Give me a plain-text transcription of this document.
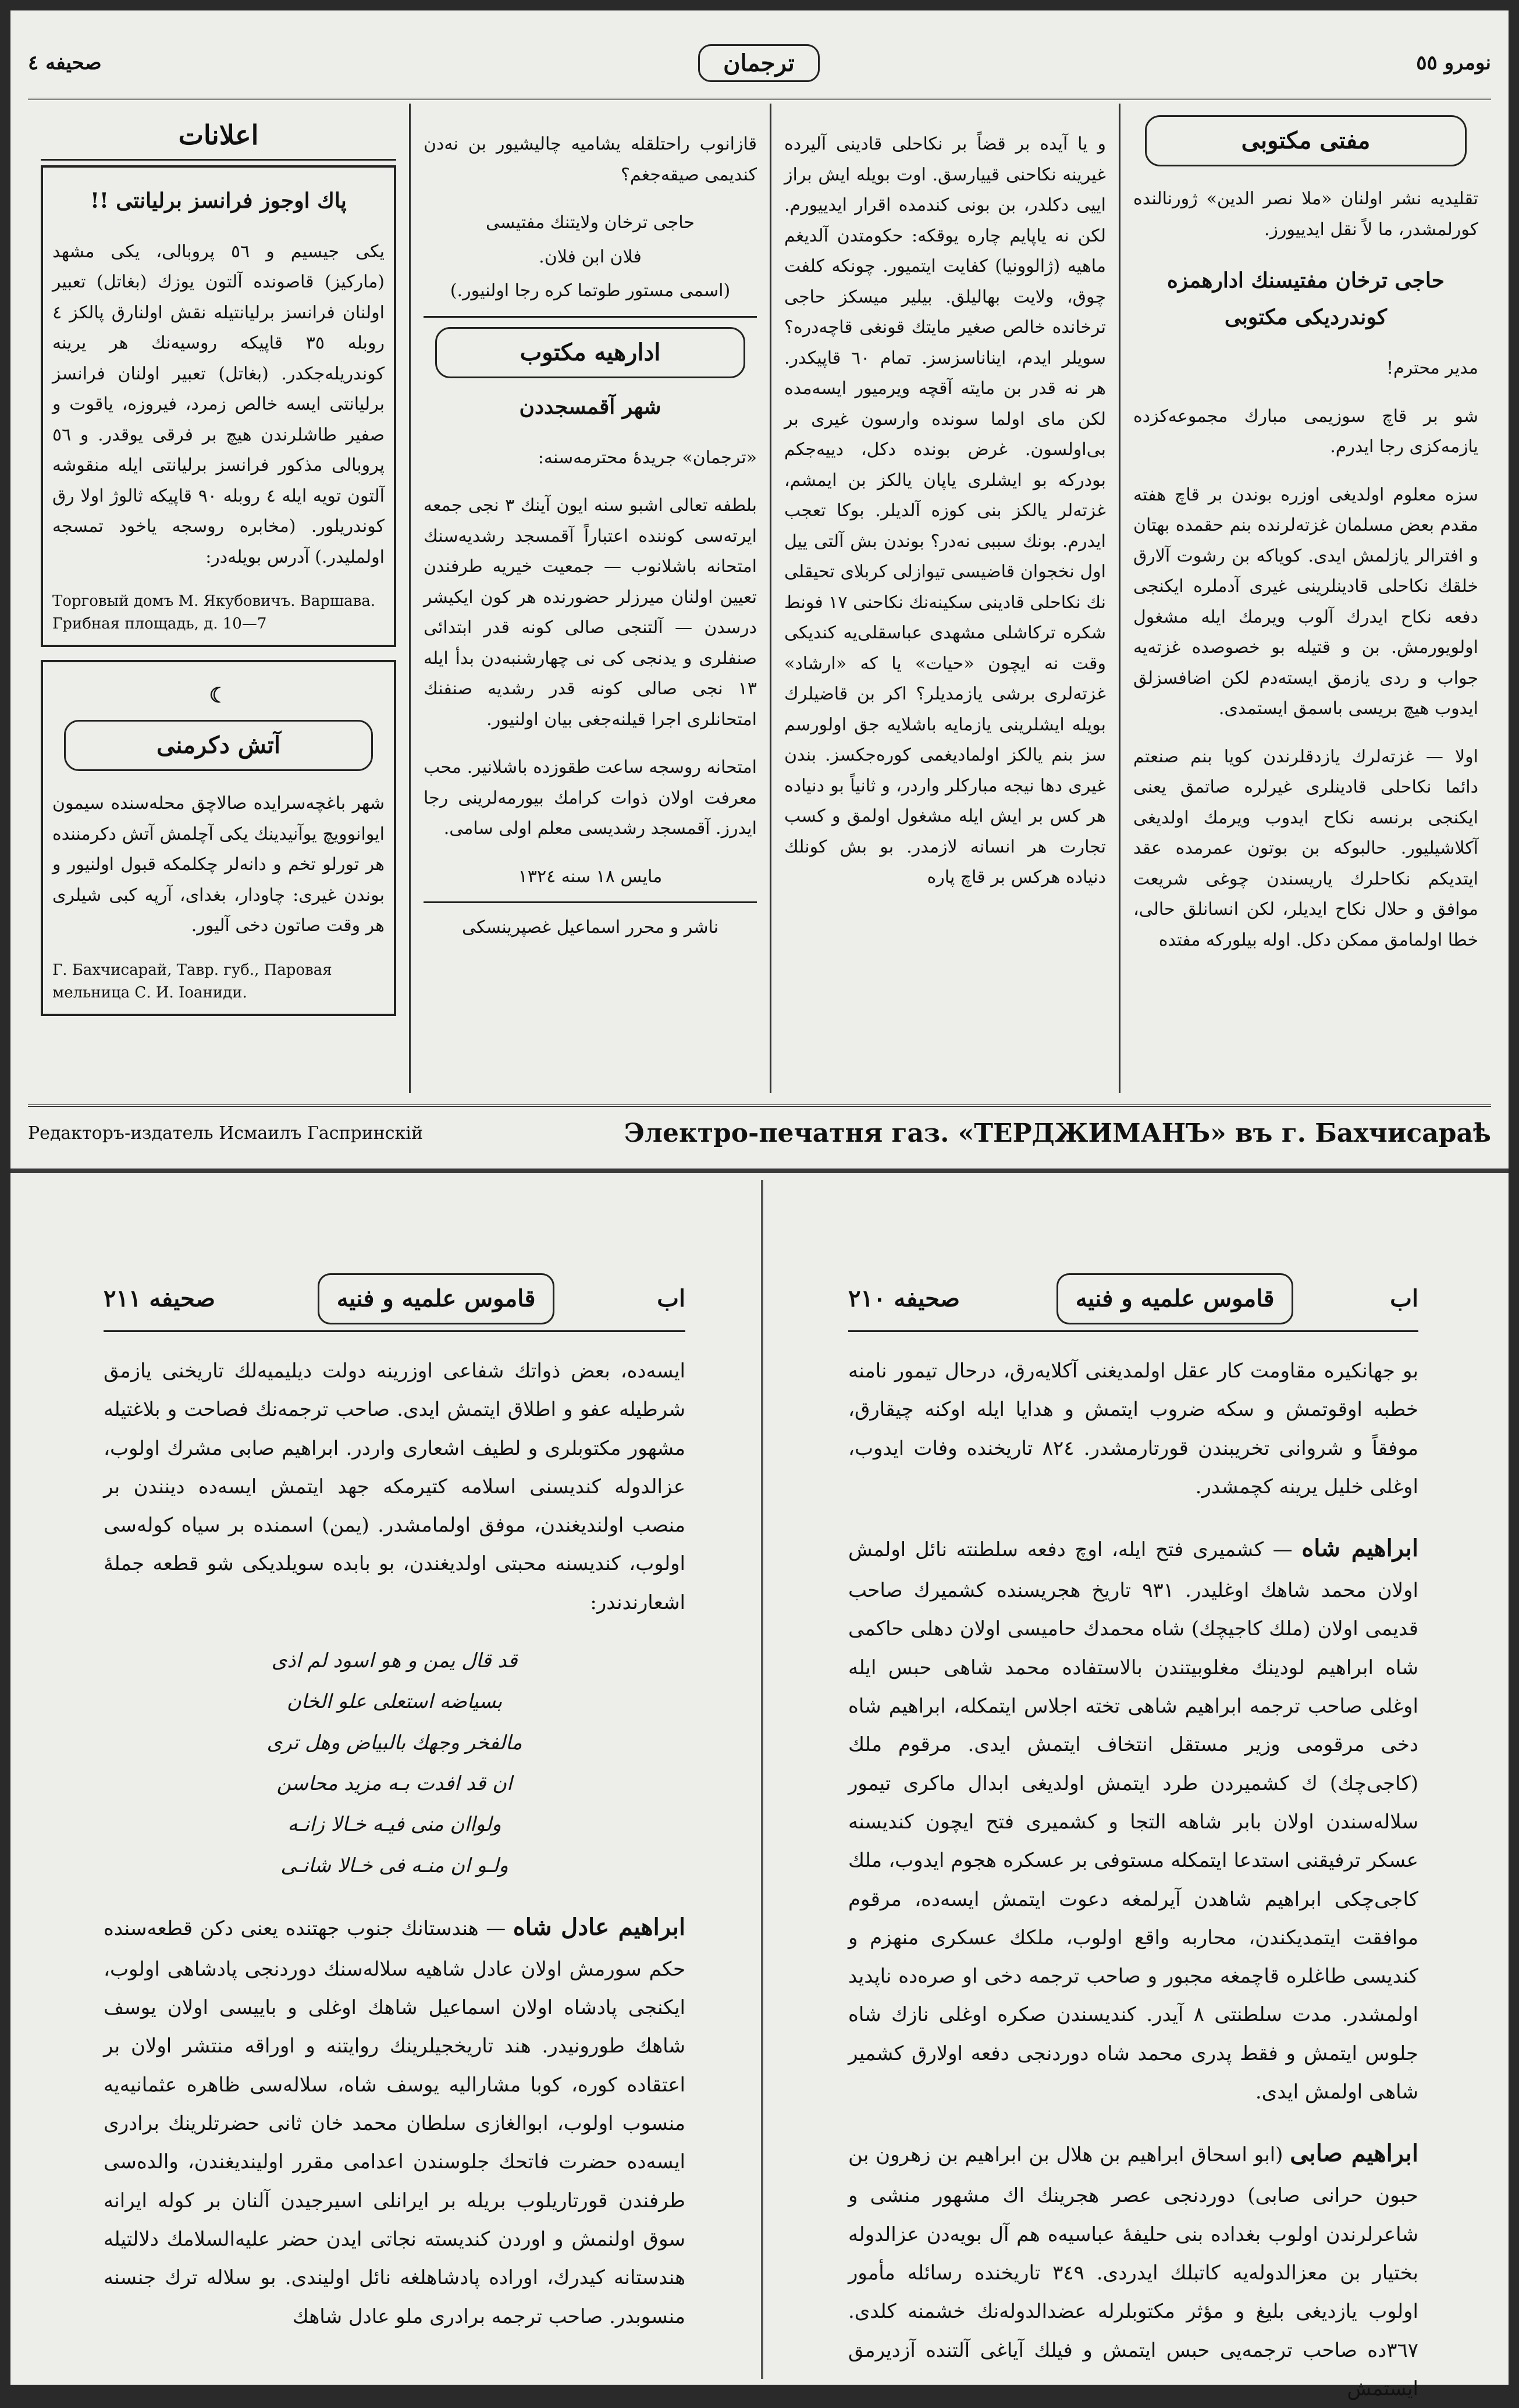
نومرو ٥٥
ترجمان
صحیفه ٤
مفتی مکتوبی

تقلیدیه نشر اولنان «ملا نصر الدین» ژورنالنده کورلمشدر، ما لاً نقل ایدییورز.

حاجی ترخان مفتیسنك ادارهمزه كوندرديكى مكتوبى

مدیر محترم!

شو بر قاچ سوزیمی مبارك مجموعه‌كزده یازمه‌كزی رجا ایدرم.

سزه معلوم اولدیغی اوزره بوندن بر قاچ هفته مقدم بعض مسلمان غزته‌لرنده بنم حقمده بهتان و افترالر یازلمش ایدی. کویاکه بن رشوت آلارق خلقك نکاحلی قادینلرینی غیری آدملره ایکنجی دفعه نکاح ایدرك آلوب ویرمك ایله مشغول اولویورمش. بن و قتیله بو خصوصده غزته‌یه جواب و ردی یازمق ایسته‌دم لکن اضافسزلق ایدوب هیچ بریسی باسمق ایستمدی.

اولا — غزته‌لرك یازدقلرندن کویا بنم صنعتم دائما نکاحلی قادینلری غیرلره صاتمق یعنی ایکنجی برنسه نکاح ایدوب ویرمك اولدیغی آکلاشیلیور. حالبوکه بن بوتون عمرمده عقد ایتدیکم نکاحلرك یاریسندن چوغی شریعت موافق و حلال نکاح ایدیلر، لکن انسانلق حالی، خطا اولمامق ممکن دکل. اوله بیلورکه مفتده

و یا آیده بر قضاً بر نکاحلی قادینی آلیرده غیرینه نکاحنی قییارسق. اوت بویله ایش براز اییی دکلدر، بن بونی کندمده اقرار ایدییورم. لکن نه یاپایم چاره یوقکه: حکومتدن آلدیغم ماهیه (ژالوونیا) کفایت ایتمیور. چونکه کلفت چوق، ولایت بهالیلق. بیلیر میسکز حاجی ترخانده خالص صغیر مایتك قونغی قاچه‌دره؟ سویلر ایدم، ایناناسزسز. تمام ٦٠ قاپیکدر. هر نه قدر بن مایته آقچه ویرمیور ایسه‌مده لکن مای اولما سونده وارسون غیری بر بی‌اولسون. غرض بونده دکل، دییه‌جکم بودرکه بو ایشلری یاپان یالکز بن ایمشم، غزته‌لر یالکز بنی کوزه آلدیلر. بوکا تعجب ایدرم. بونك سببی نه‌در؟ بوندن بش آلتی ییل اول نخجوان قاضیسی تیوازلی کربلای تحیقلی نك نکاحلی قادینی سکینه‌نك نکاحنی ١٧ فونط شکره ترکاشلی مشهدی عباسقلی‌یه کندیکی وقت نه ایچون «حیات» یا که «ارشاد» غزته‌لری برشی یازمدیلر؟ اکر بن قاضیلرك بویله ایشلرینی یازمایه باشلایه جق اولورسم سز بنم یالکز اولمادیغمی کوره‌جکسز. بندن غیری دها نیجه مبارکلر واردر، و ثانیاً بو دنیاده هر کس بر ایش ایله مشغول اولمق و کسب تجارت هر انسانه لازمدر. بو بش کونلك دنیاده هرکس بر قاچ پاره

قازانوب راحتلقله یشامیه چالیشیور بن نه‌دن کندیمی صیقه‌جغم؟

حاجی ترخان ولایتنك مفتیسی
فلان ابن فلان.
(اسمی مستور طوتما کره رجا اولنیور.)
ادارهیه مکتوب
شهر آقمسجددن

«ترجمان» جریدهٔ محترمه‌سنه:

بلطفه تعالی اشبو سنه ایون آینك ٣ نجی جمعه ایرته‌سی کوننده اعتباراً آقمسجد رشدیه‌سنك امتحانه باشلانوب — جمعیت خیریه طرفندن تعیین اولنان میرزلر حضورنده هر کون ایکیشر درسدن — آلتنجی صالی کونه قدر ابتدائی صنفلری و یدنجی کی نی چهارشنبه‌دن بدأ ایله ١٣ نجی صالی کونه قدر رشدیه صنفنك امتحانلری اجرا قیلنه‌جغی بیان اولنیور.

امتحانه روسجه ساعت طقوزده باشلانیر. محب معرفت اولان ذوات کرامك بیورمه‌لرینی رجا ایدرز. آقمسجد رشدیسی معلم اولی سامی.

مایس ١٨ سنه ١٣٢٤
ناشر و محرر اسماعیل غصپرینسکی
اعلانات
پاك اوجوز فرانسز برلیانتی !!

یکی جیسیم و ٥٦ پروبالی، یکی مشهد (مارکیز) قاصونده آلتون یوزك (بغاتل) تعبیر اولنان فرانسز برلیانتیله نقش اولنارق پالکز ٤ روبله ٣٥ قاپیکه روسیه‌نك هر یرینه کوندریله‌جکدر. (بغاتل) تعبیر اولنان فرانسز برلیانتی ایسه خالص زمرد، فیروزه، یاقوت و صفیر طاشلرندن هیچ بر فرقی یوقدر. و ٥٦ پروبالی مذکور فرانسز برلیانتی ایله منقوشه آلتون تویه ایله ٤ روبله ٩٠ قاپیکه ثالوژ اولا رق کوندریلور. (مخابره روسجه یاخود تمسجه اولملیدر.) آدرس بویله‌در:

Торговый домъ М. Якубовичъ. Варшава. Грибная площадь, д. 10—7
☾
آتش دکرمنی

شهر باغچه‌سرایده صالاچق محله‌سنده سیمون ایوانوویچ یوآنیدینك یکی آچلمش آتش دکرمننده هر تورلو تخم و دانه‌لر چکلمکه قبول اولنیور و بوندن غیری: چاودار، بغدای، آرپه کبی شیلری هر وقت صاتون دخی آلیور.

Г. Бахчисарай, Тавр. губ., Паровая мельница С. И. Іоаниди.
Редакторъ-издатель Исмаилъ Гаспринскій	Электро-печатня газ. «ТЕРДЖИМАНЪ» въ г. Бахчисараѣ
اب
قاموس علمیه و فنیه
صحیفه ٢١١

ایسه‌ده، بعض ذواتك شفاعی اوزرینه دولت دیلیمیه‌لك تاریخنی یازمق شرطیله عفو و اطلاق ایتمش ایدی. صاحب ترجمه‌نك فصاحت و بلاغتیله مشهور مکتوبلری و لطیف اشعاری واردر. ابراهیم صابی مشرك اولوب، عزالدوله کندیسنی اسلامه کتیرمکه جهد ایتمش ایسه‌ده دینندن بر منصب اولندیغندن، موفق اولمامشدر. (یمن) اسمنده بر سیاه کوله‌سی اولوب، کندیسنه محبتی اولدیغندن، بو بابده سویلدیکی شو قطعه جملهٔ اشعارندندر:

قد قال یمن و هو اسود لم اذی
بسیاضه استعلی علو الخان
مالفخر وجهك بالبیاض وهل تری
ان قد افدت بـه مزید محاسن
ولواان منی فیـه خـالا زانـه
ولـو ان منـه فی خـالا شانـی

ابراهیم عادل شاه — هندستانك جنوب جهتنده یعنی دکن قطعه‌سنده حکم سورمش اولان عادل شاهیه سلاله‌سنك دوردنجی پادشاهی اولوب، ایکنجی پادشاه اولان اسماعیل شاهك اوغلی و باییسی اولان یوسف شاهك طورونیدر. هند تاریخجیلرینك روایتنه و اوراقه منتشر اولان بر اعتقاده کوره، کوبا مشارالیه یوسف شاه، سلاله‌سی ظاهره عثمانیه‌یه منسوب اولوب، ابوالغازی سلطان محمد خان ثانی حضرتلرینك برادری ایسه‌ده حضرت فاتحك جلوسندن اعدامی مقرر اولیندیغندن، والده‌سی طرفندن قورتاریلوب بریله بر ایرانلی اسیرجیدن آلنان بر کوله ایرانه سوق اولنمش و اوردن کندیسته نجاتی ایدن حضر علیه‌السلامك دلالتیله هندستانه کیدرك، اوراده پادشاهلغه نائل اولیندی. بو سلاله ترك جنسنه منسوبدر. صاحب ترجمه برادری ملو عادل شاهك

اب
قاموس علمیه و فنیه
صحیفه ٢١٠

بو جهانکیره مقاومت کار عقل اولمدیغنی آکلایه‌رق، درحال تیمور نامنه خطبه اوقوتمش و سکه ضروب ایتمش و هدایا ایله اوکنه چیقارق، موفقاً و شروانی تخریبندن قورتارمشدر. ٨٢٤ تاریخنده وفات ایدوب، اوغلی خلیل یرینه کچمشدر.

ابراهیم شاه — کشمیری فتح ایله، اوچ دفعه سلطنته نائل اولمش اولان محمد شاهك اوغلیدر. ٩٣١ تاریخ هجریسنده کشمیرك صاحب قدیمی اولان (ملك کاجیچك) شاه محمدك حامیسی اولان دهلی حاکمی شاه ابراهیم لودینك مغلوبیتندن بالاستفاده محمد شاهی حبس ایله اوغلی صاحب ترجمه ابراهیم شاهی تخته اجلاس ایتمکله، ابراهیم شاه دخی مرقومی وزیر مستقل انتخاف ایتمش ایدی. مرقوم ملك (کاجی‌چك) ك کشمیردن طرد ایتمش اولدیغی ابدال ماکری تیمور سلاله‌سندن اولان بابر شاهه التجا و کشمیری فتح ایچون کندیسنه عسکر ترفیقنی استدعا ایتمکله مستوفی بر عسکره هجوم ایدوب، ملك کاجی‌چکی ابراهیم شاهدن آیرلمغه دعوت ایتمش ایسه‌ده، مرقوم موافقت ایتمدیکندن، محاربه واقع اولوب، ملکك عسکری منهزم و کندیسی طاغلره قاچمغه مجبور و صاحب ترجمه دخی او صره‌ده ناپدید اولمشدر. مدت سلطنتی ٨ آیدر. کندیسندن صکره اوغلی نازك شاه جلوس ایتمش و فقط پدری محمد شاه دوردنجی دفعه اولارق کشمیر شاهی اولمش ایدی.

ابراهیم صابی (ابو اسحاق ابراهیم بن هلال بن ابراهیم بن زهرون بن حبون حرانی صابی) دوردنجی عصر هجرینك اك مشهور منشی و شاعرلرندن اولوب بغداده بنی حلیفهٔ عباسیه‌ه هم آل بویه‌دن عزالدوله بختیار بن معزالدوله‌یه کاتبلك ایدردی. ٣٤٩ تاریخنده رسائله مأمور اولوب یازدیغی بلیغ و مؤثر مکتوبلرله عضدالدوله‌نك خشمنه کلدی. ٣٦٧ده صاحب ترجمه‌یی حبس ایتمش و فیلك آیاغی آلتنده آزدیرمق ایستمش
